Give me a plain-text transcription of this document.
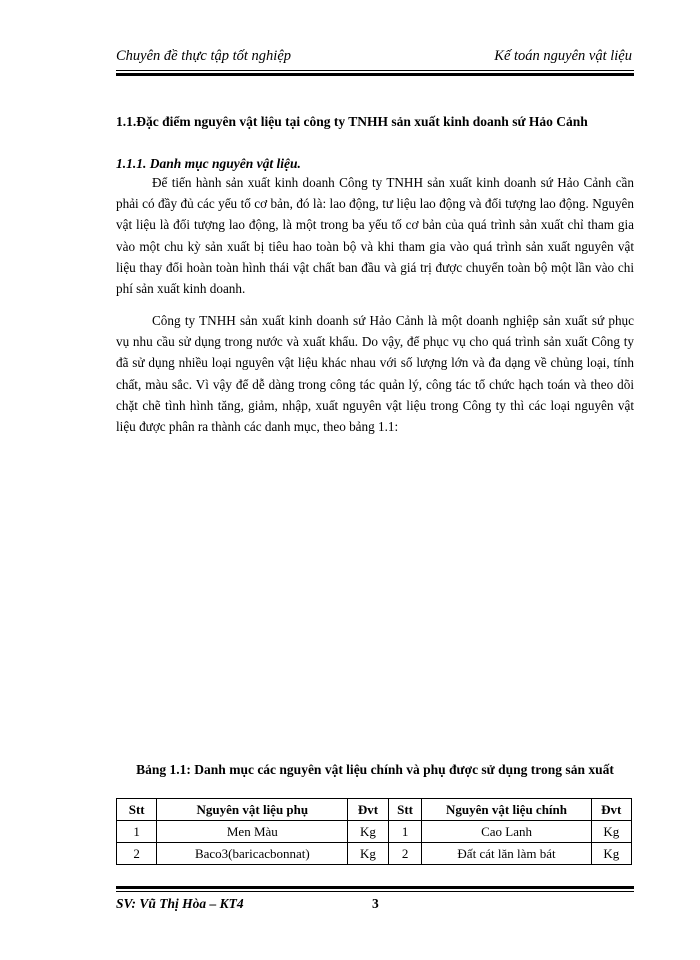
Chuyên đề thực tập tốt nghiệp	Kế toán nguyên vật liệu
1.1.Đặc điểm nguyên vật liệu tại công ty TNHH sản xuất kinh doanh sứ Hảo Cảnh
1.1.1. Danh mục nguyên vật liệu.

Để tiến hành sản xuất kinh doanh Công ty TNHH sản xuất kinh doanh sứ Hảo Cảnh cần phải có đầy đủ các yếu tố cơ bản, đó là: lao động, tư liệu lao động và đối tượng lao động. Nguyên vật liệu là đối tượng lao động, là một trong ba yếu tố cơ bản của quá trình sản xuất chỉ tham gia vào một chu kỳ sản xuất bị tiêu hao toàn bộ và khi tham gia vào quá trình sản xuất nguyên vật liệu thay đổi hoàn toàn hình thái vật chất ban đầu và giá trị được chuyển toàn bộ một lần vào chi phí sản xuất kinh doanh.

Công ty TNHH sản xuất kinh doanh sứ Hảo Cảnh là một doanh nghiệp sản xuất sứ phục vụ nhu cầu sử dụng trong nước và xuất khẩu. Do vậy, để phục vụ cho quá trình sản xuất Công ty đã sử dụng nhiều loại nguyên vật liệu khác nhau với số lượng lớn và đa dạng về chủng loại, tính chất, màu sắc. Vì vậy để dễ dàng trong công tác quản lý, công tác tổ chức hạch toán và theo dõi chặt chẽ tình hình tăng, giảm, nhập, xuất nguyên vật liệu trong Công ty thì các loại nguyên vật liệu được phân ra thành các danh mục, theo bảng 1.1:

Bảng 1.1: Danh mục các nguyên vật liệu chính và phụ được sử dụng trong sản xuất
Stt	Nguyên vật liệu phụ	Đvt	Stt	Nguyên vật liệu chính	Đvt
1	Men Màu	Kg	1	Cao Lanh	Kg
2	Baco3(baricacbonnat)	Kg	2	Đất cát lăn làm bát	Kg
SV: Vũ Thị Hòa – KT4	3
